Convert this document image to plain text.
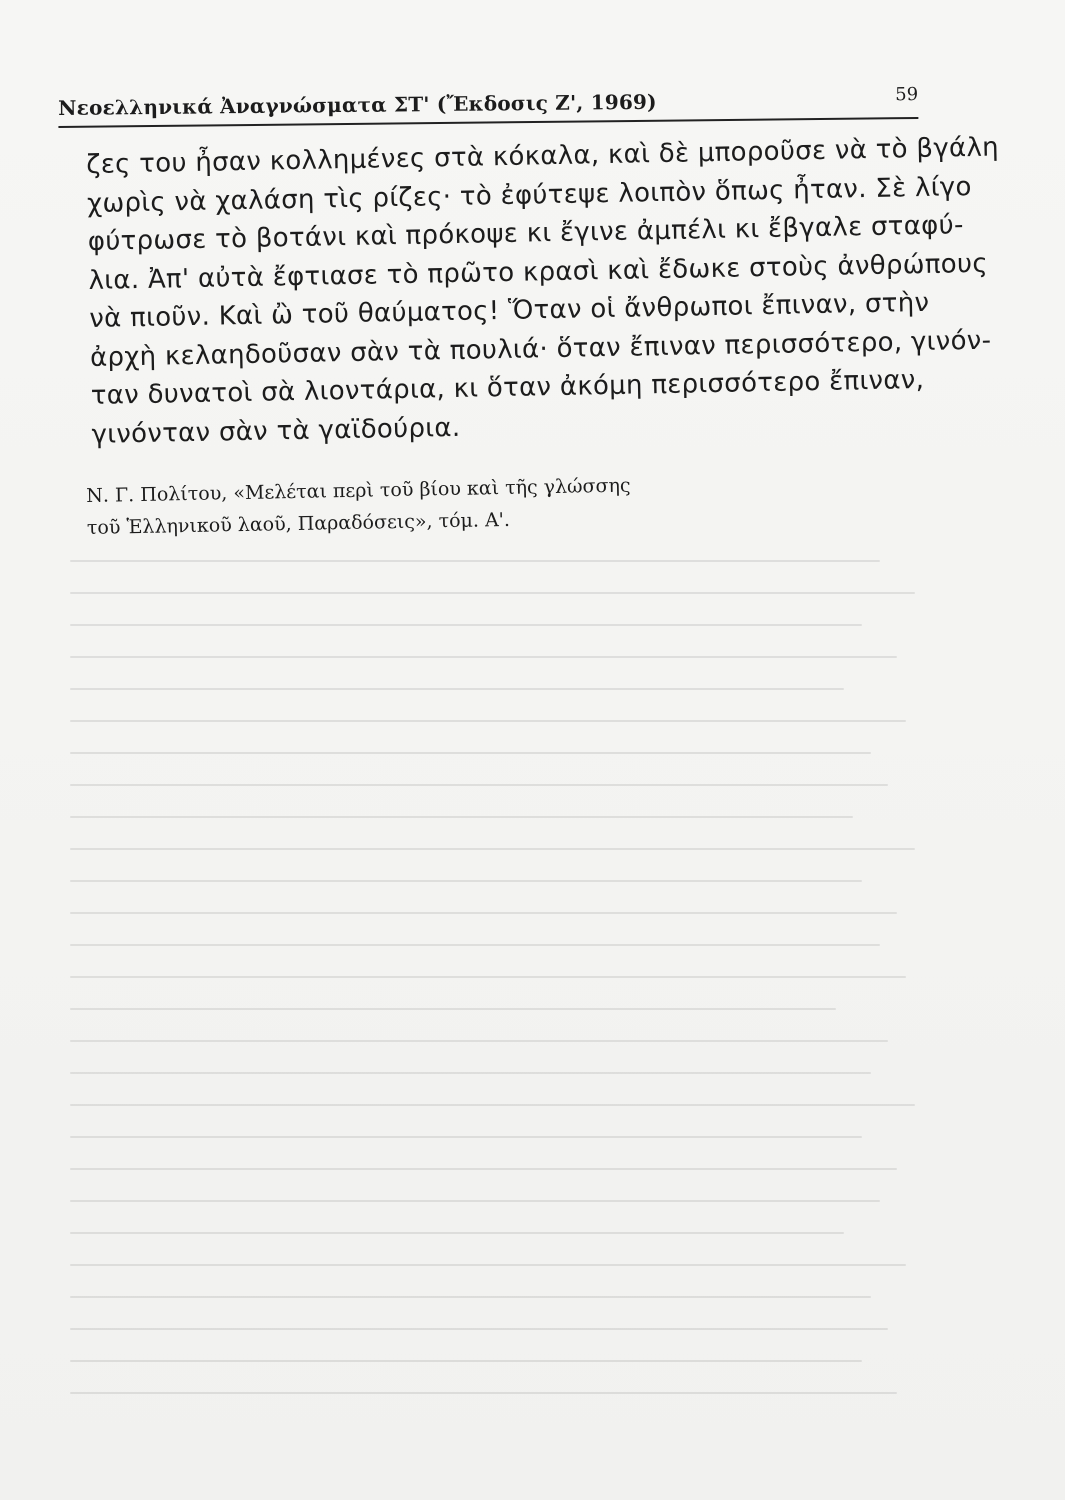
Νεοελληνικά Ἀναγνώσματα ΣΤ' (Ἔκδοσις Ζ', 1969)	59
ζες του ἦσαν κολλημένες στὰ κόκαλα, καὶ δὲ μποροῦσε νὰ τὸ βγάλη
χωρὶς νὰ χαλάση τὶς ρίζες· τὸ ἐφύτεψε λοιπὸν ὅπως ἦταν. Σὲ λίγο
φύτρωσε τὸ βοτάνι καὶ πρόκοψε κι ἔγινε ἀμπέλι κι ἔβγαλε σταφύ-
λια. Ἀπ' αὐτὰ ἔφτιασε τὸ πρῶτο κρασὶ καὶ ἔδωκε στοὺς ἀνθρώπους
νὰ πιοῦν. Καὶ ὢ τοῦ θαύματος! Ὅταν οἱ ἄνθρωποι ἔπιναν, στὴν
ἀρχὴ κελαηδοῦσαν σὰν τὰ πουλιά· ὅταν ἔπιναν περισσότερο, γινόν-
ταν δυνατοὶ σὰ λιοντάρια, κι ὅταν ἀκόμη περισσότερο ἔπιναν,
γινόνταν σὰν τὰ γαϊδούρια.
Ν. Γ. Πολίτου, «Μελέται περὶ τοῦ βίου καὶ τῆς γλώσσης
τοῦ Ἑλληνικοῦ λαοῦ, Παραδόσεις», τόμ. Α'.
